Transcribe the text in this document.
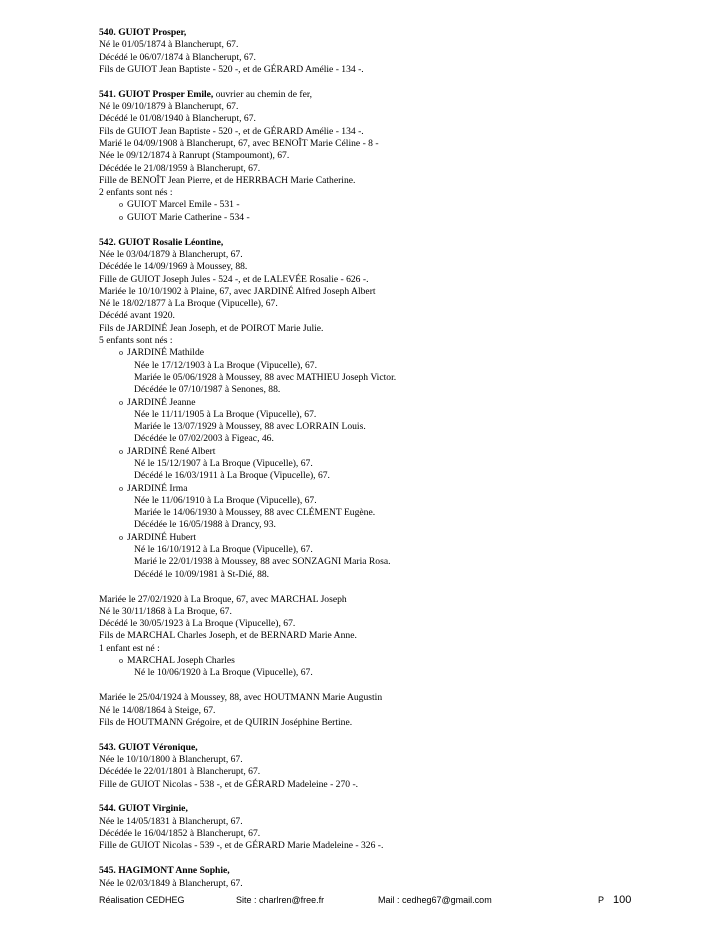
540. GUIOT Prosper,
Né le 01/05/1874 à Blancherupt, 67.
Décédé le 06/07/1874 à Blancherupt, 67.
Fils de GUIOT Jean Baptiste - 520 -, et de GÉRARD Amélie - 134 -.
541. GUIOT Prosper Emile, ouvrier au chemin de fer,
Né le 09/10/1879 à Blancherupt, 67.
Décédé le 01/08/1940 à Blancherupt, 67.
Fils de GUIOT Jean Baptiste - 520 -, et de GÉRARD Amélie - 134 -.
Marié le 04/09/1908 à Blancherupt, 67, avec BENOÎT Marie Céline - 8 -
Née le 09/12/1874 à Ranrupt (Stampoumont), 67.
Décédée le 21/08/1959 à Blancherupt, 67.
Fille de BENOÎT Jean Pierre, et de HERRBACH Marie Catherine.
2 enfants sont nés :
o GUIOT Marcel Emile - 531 -
o GUIOT Marie Catherine - 534 -
542. GUIOT Rosalie Léontine,
Née le 03/04/1879 à Blancherupt, 67.
Décédée le 14/09/1969 à Moussey, 88.
Fille de GUIOT Joseph Jules - 524 -, et de LALEVÉE Rosalie - 626 -.
Mariée le 10/10/1902 à Plaine, 67, avec JARDINÉ Alfred Joseph Albert
Né le 18/02/1877 à La Broque (Vipucelle), 67.
Décédé avant 1920.
Fils de JARDINÉ Jean Joseph, et de POIROT Marie Julie.
5 enfants sont nés :
o JARDINÉ Mathilde
Née le 17/12/1903 à La Broque (Vipucelle), 67.
Mariée le 05/06/1928 à Moussey, 88 avec MATHIEU Joseph Victor.
Décédée le 07/10/1987 à Senones, 88.
o JARDINÉ Jeanne
Née le 11/11/1905 à La Broque (Vipucelle), 67.
Mariée le 13/07/1929 à Moussey, 88 avec LORRAIN Louis.
Décédée le 07/02/2003 à Figeac, 46.
o JARDINÉ René Albert
Né le 15/12/1907 à La Broque (Vipucelle), 67.
Décédé le 16/03/1911 à La Broque (Vipucelle), 67.
o JARDINÉ Irma
Née le 11/06/1910 à La Broque (Vipucelle), 67.
Mariée le 14/06/1930 à Moussey, 88 avec CLÉMENT Eugène.
Décédée le 16/05/1988 à Drancy, 93.
o JARDINÉ Hubert
Né le 16/10/1912 à La Broque (Vipucelle), 67.
Marié le 22/01/1938 à Moussey, 88 avec SONZAGNI Maria Rosa.
Décédé le 10/09/1981 à St-Dié, 88.
Mariée le 27/02/1920 à La Broque, 67, avec MARCHAL Joseph
Né le 30/11/1868 à La Broque, 67.
Décédé le 30/05/1923 à La Broque (Vipucelle), 67.
Fils de MARCHAL Charles Joseph, et de BERNARD Marie Anne.
1 enfant est né :
o MARCHAL Joseph Charles
Né le 10/06/1920 à La Broque (Vipucelle), 67.
Mariée le 25/04/1924 à Moussey, 88, avec HOUTMANN Marie Augustin
Né le 14/08/1864 à Steige, 67.
Fils de HOUTMANN Grégoire, et de QUIRIN Joséphine Bertine.
543. GUIOT Véronique,
Née le 10/10/1800 à Blancherupt, 67.
Décédée le 22/01/1801 à Blancherupt, 67.
Fille de GUIOT Nicolas - 538 -, et de GÉRARD Madeleine - 270 -.
544. GUIOT Virginie,
Née le 14/05/1831 à Blancherupt, 67.
Décédée le 16/04/1852 à Blancherupt, 67.
Fille de GUIOT Nicolas - 539 -, et de GÉRARD Marie Madeleine - 326 -.
545. HAGIMONT Anne Sophie,
Née le 02/03/1849 à Blancherupt, 67.
Réalisation CEDHEG	Site : charlren@free.fr	Mail : cedheg67@gmail.com	P 100
